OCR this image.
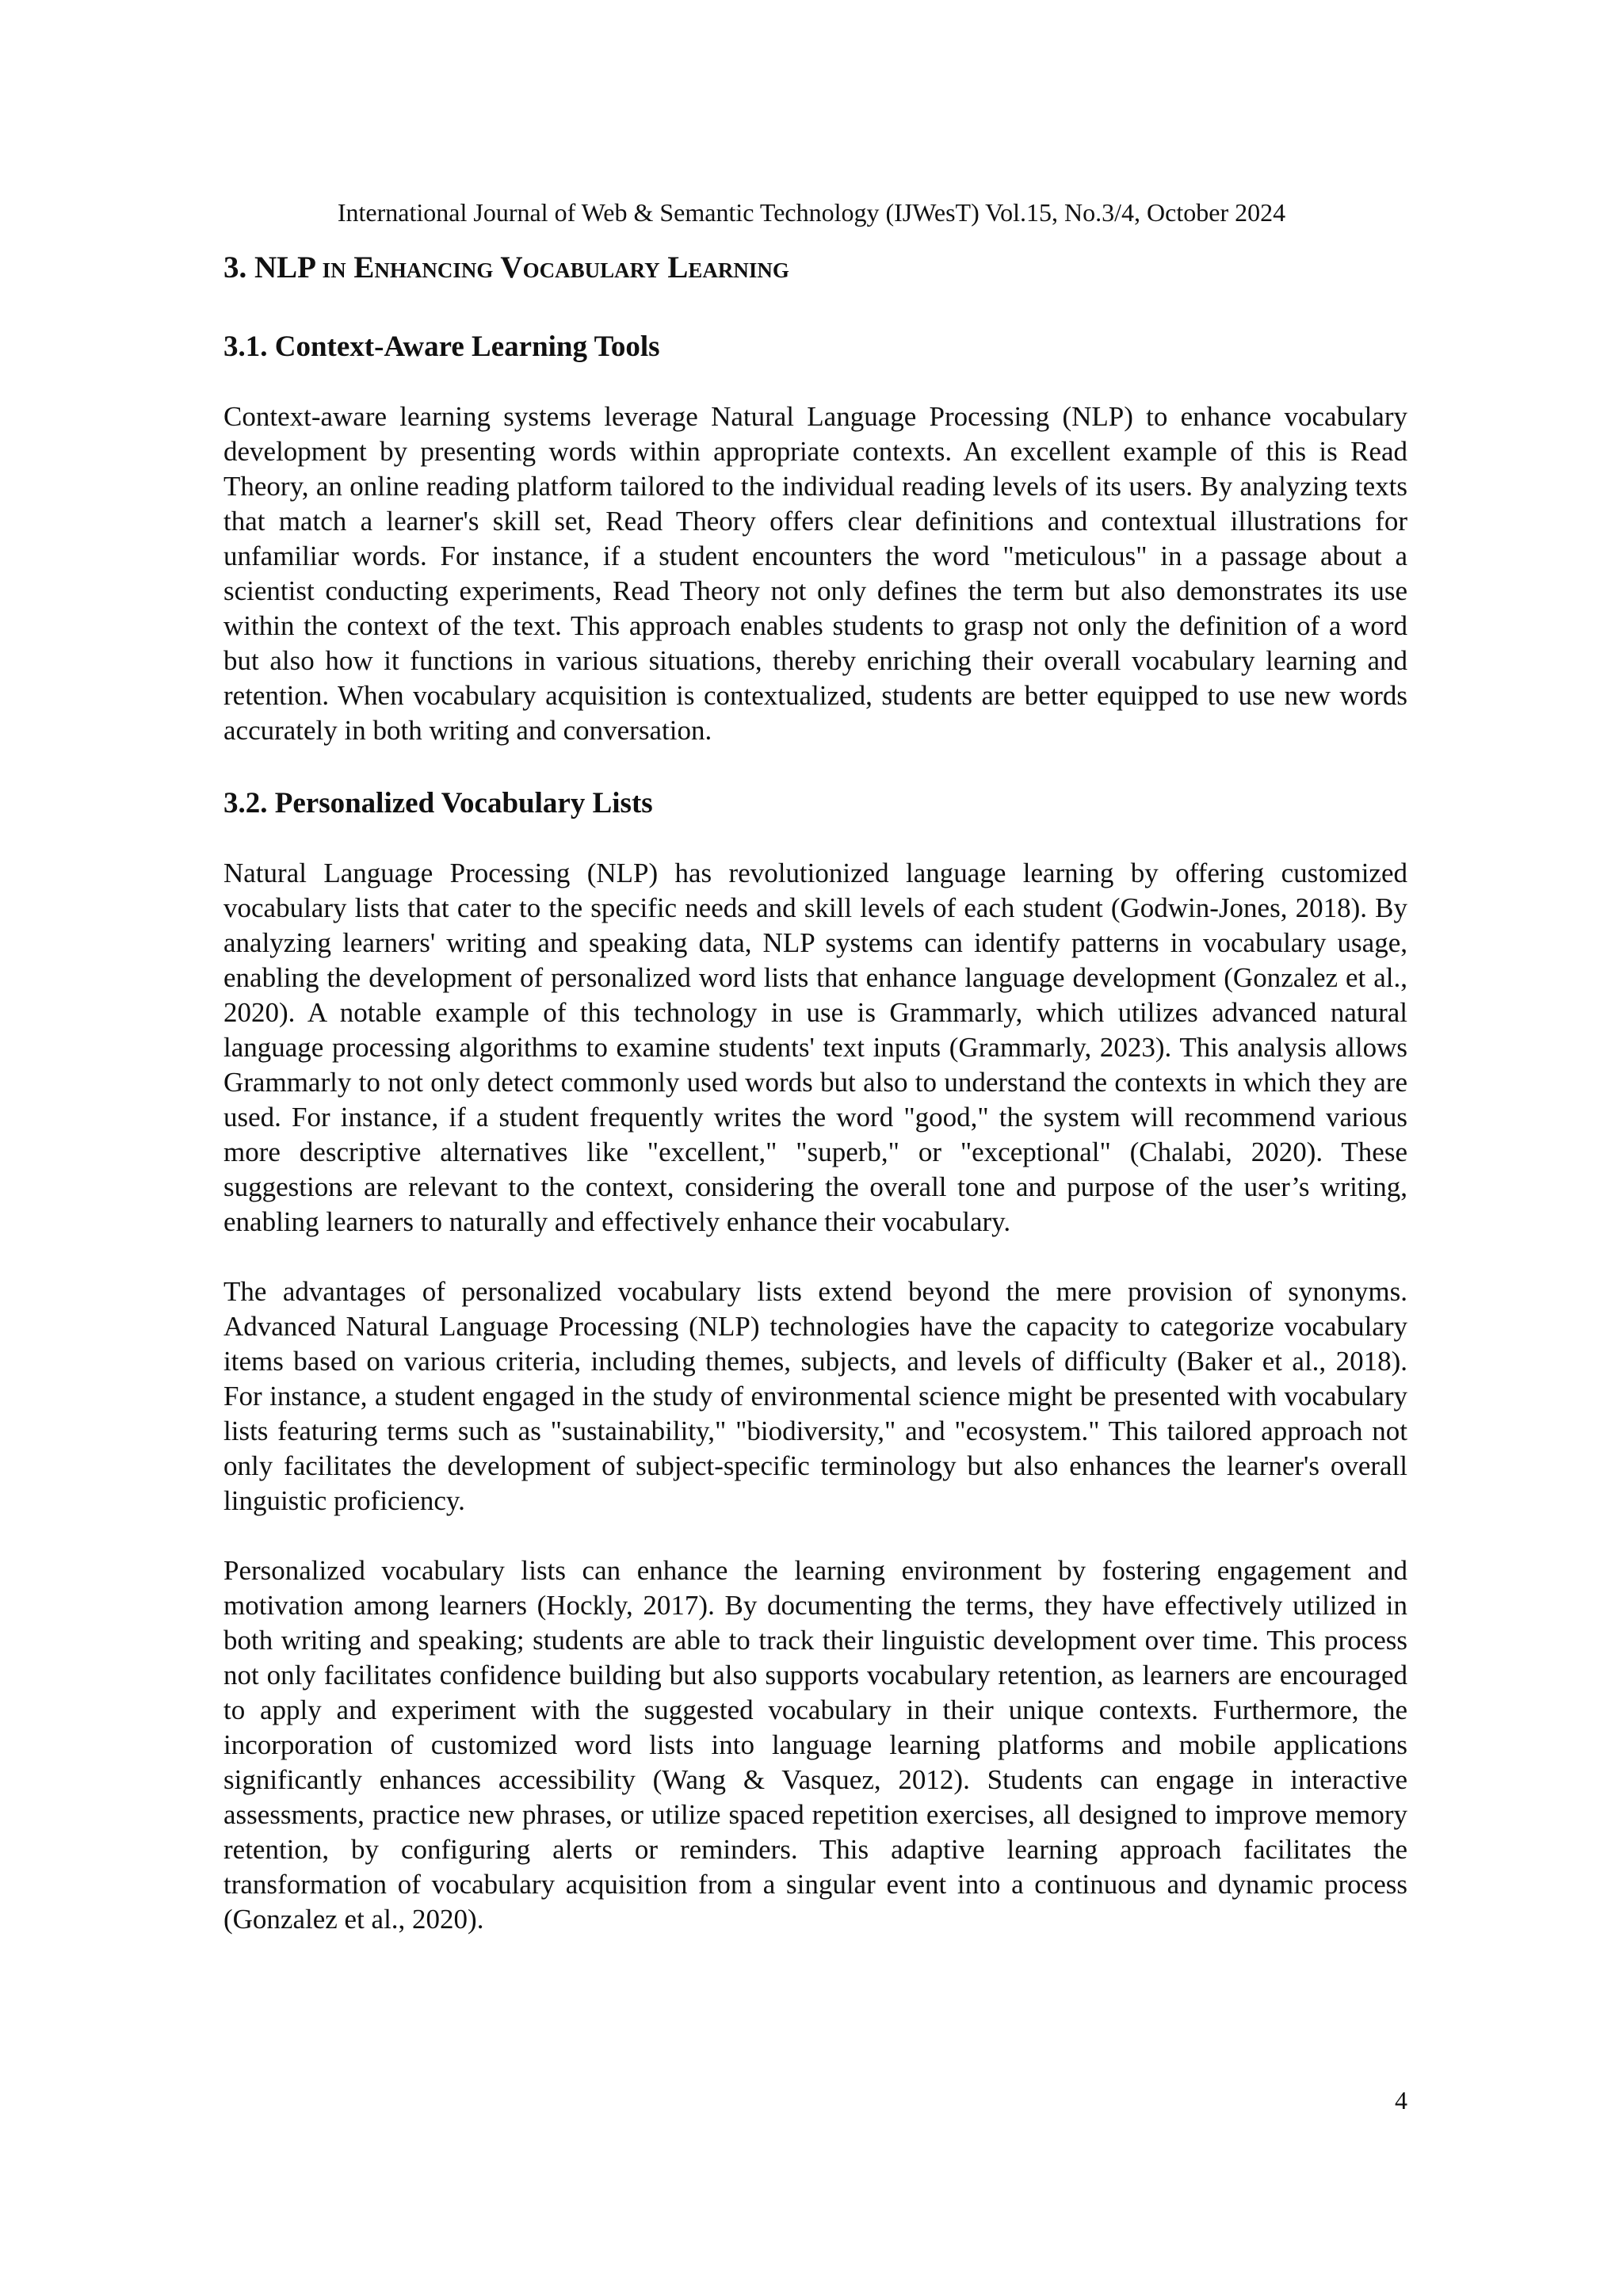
International Journal of Web & Semantic Technology (IJWesT) Vol.15, No.3/4, October 2024
3. NLP in Enhancing Vocabulary Learning
3.1. Context-Aware Learning Tools

Context-aware learning systems leverage Natural Language Processing (NLP) to enhance vocabulary development by presenting words within appropriate contexts. An excellent example of this is Read Theory, an online reading platform tailored to the individual reading levels of its users. By analyzing texts that match a learner's skill set, Read Theory offers clear definitions and contextual illustrations for unfamiliar words. For instance, if a student encounters the word "meticulous" in a passage about a scientist conducting experiments, Read Theory not only defines the term but also demonstrates its use within the context of the text. This approach enables students to grasp not only the definition of a word but also how it functions in various situations, thereby enriching their overall vocabulary learning and retention. When vocabulary acquisition is contextualized, students are better equipped to use new words accurately in both writing and conversation.

3.2. Personalized Vocabulary Lists

Natural Language Processing (NLP) has revolutionized language learning by offering customized vocabulary lists that cater to the specific needs and skill levels of each student (Godwin-Jones, 2018). By analyzing learners' writing and speaking data, NLP systems can identify patterns in vocabulary usage, enabling the development of personalized word lists that enhance language development (Gonzalez et al., 2020). A notable example of this technology in use is Grammarly, which utilizes advanced natural language processing algorithms to examine students' text inputs (Grammarly, 2023). This analysis allows Grammarly to not only detect commonly used words but also to understand the contexts in which they are used. For instance, if a student frequently writes the word "good," the system will recommend various more descriptive alternatives like "excellent," "superb," or "exceptional" (Chalabi, 2020). These suggestions are relevant to the context, considering the overall tone and purpose of the user’s writing, enabling learners to naturally and effectively enhance their vocabulary.

The advantages of personalized vocabulary lists extend beyond the mere provision of synonyms. Advanced Natural Language Processing (NLP) technologies have the capacity to categorize vocabulary items based on various criteria, including themes, subjects, and levels of difficulty (Baker et al., 2018). For instance, a student engaged in the study of environmental science might be presented with vocabulary lists featuring terms such as "sustainability," "biodiversity," and "ecosystem." This tailored approach not only facilitates the development of subject-specific terminology but also enhances the learner's overall linguistic proficiency.

Personalized vocabulary lists can enhance the learning environment by fostering engagement and motivation among learners (Hockly, 2017). By documenting the terms, they have effectively utilized in both writing and speaking; students are able to track their linguistic development over time. This process not only facilitates confidence building but also supports vocabulary retention, as learners are encouraged to apply and experiment with the suggested vocabulary in their unique contexts. Furthermore, the incorporation of customized word lists into language learning platforms and mobile applications significantly enhances accessibility (Wang & Vasquez, 2012). Students can engage in interactive assessments, practice new phrases, or utilize spaced repetition exercises, all designed to improve memory retention, by configuring alerts or reminders. This adaptive learning approach facilitates the transformation of vocabulary acquisition from a singular event into a continuous and dynamic process (Gonzalez et al., 2020).

4
